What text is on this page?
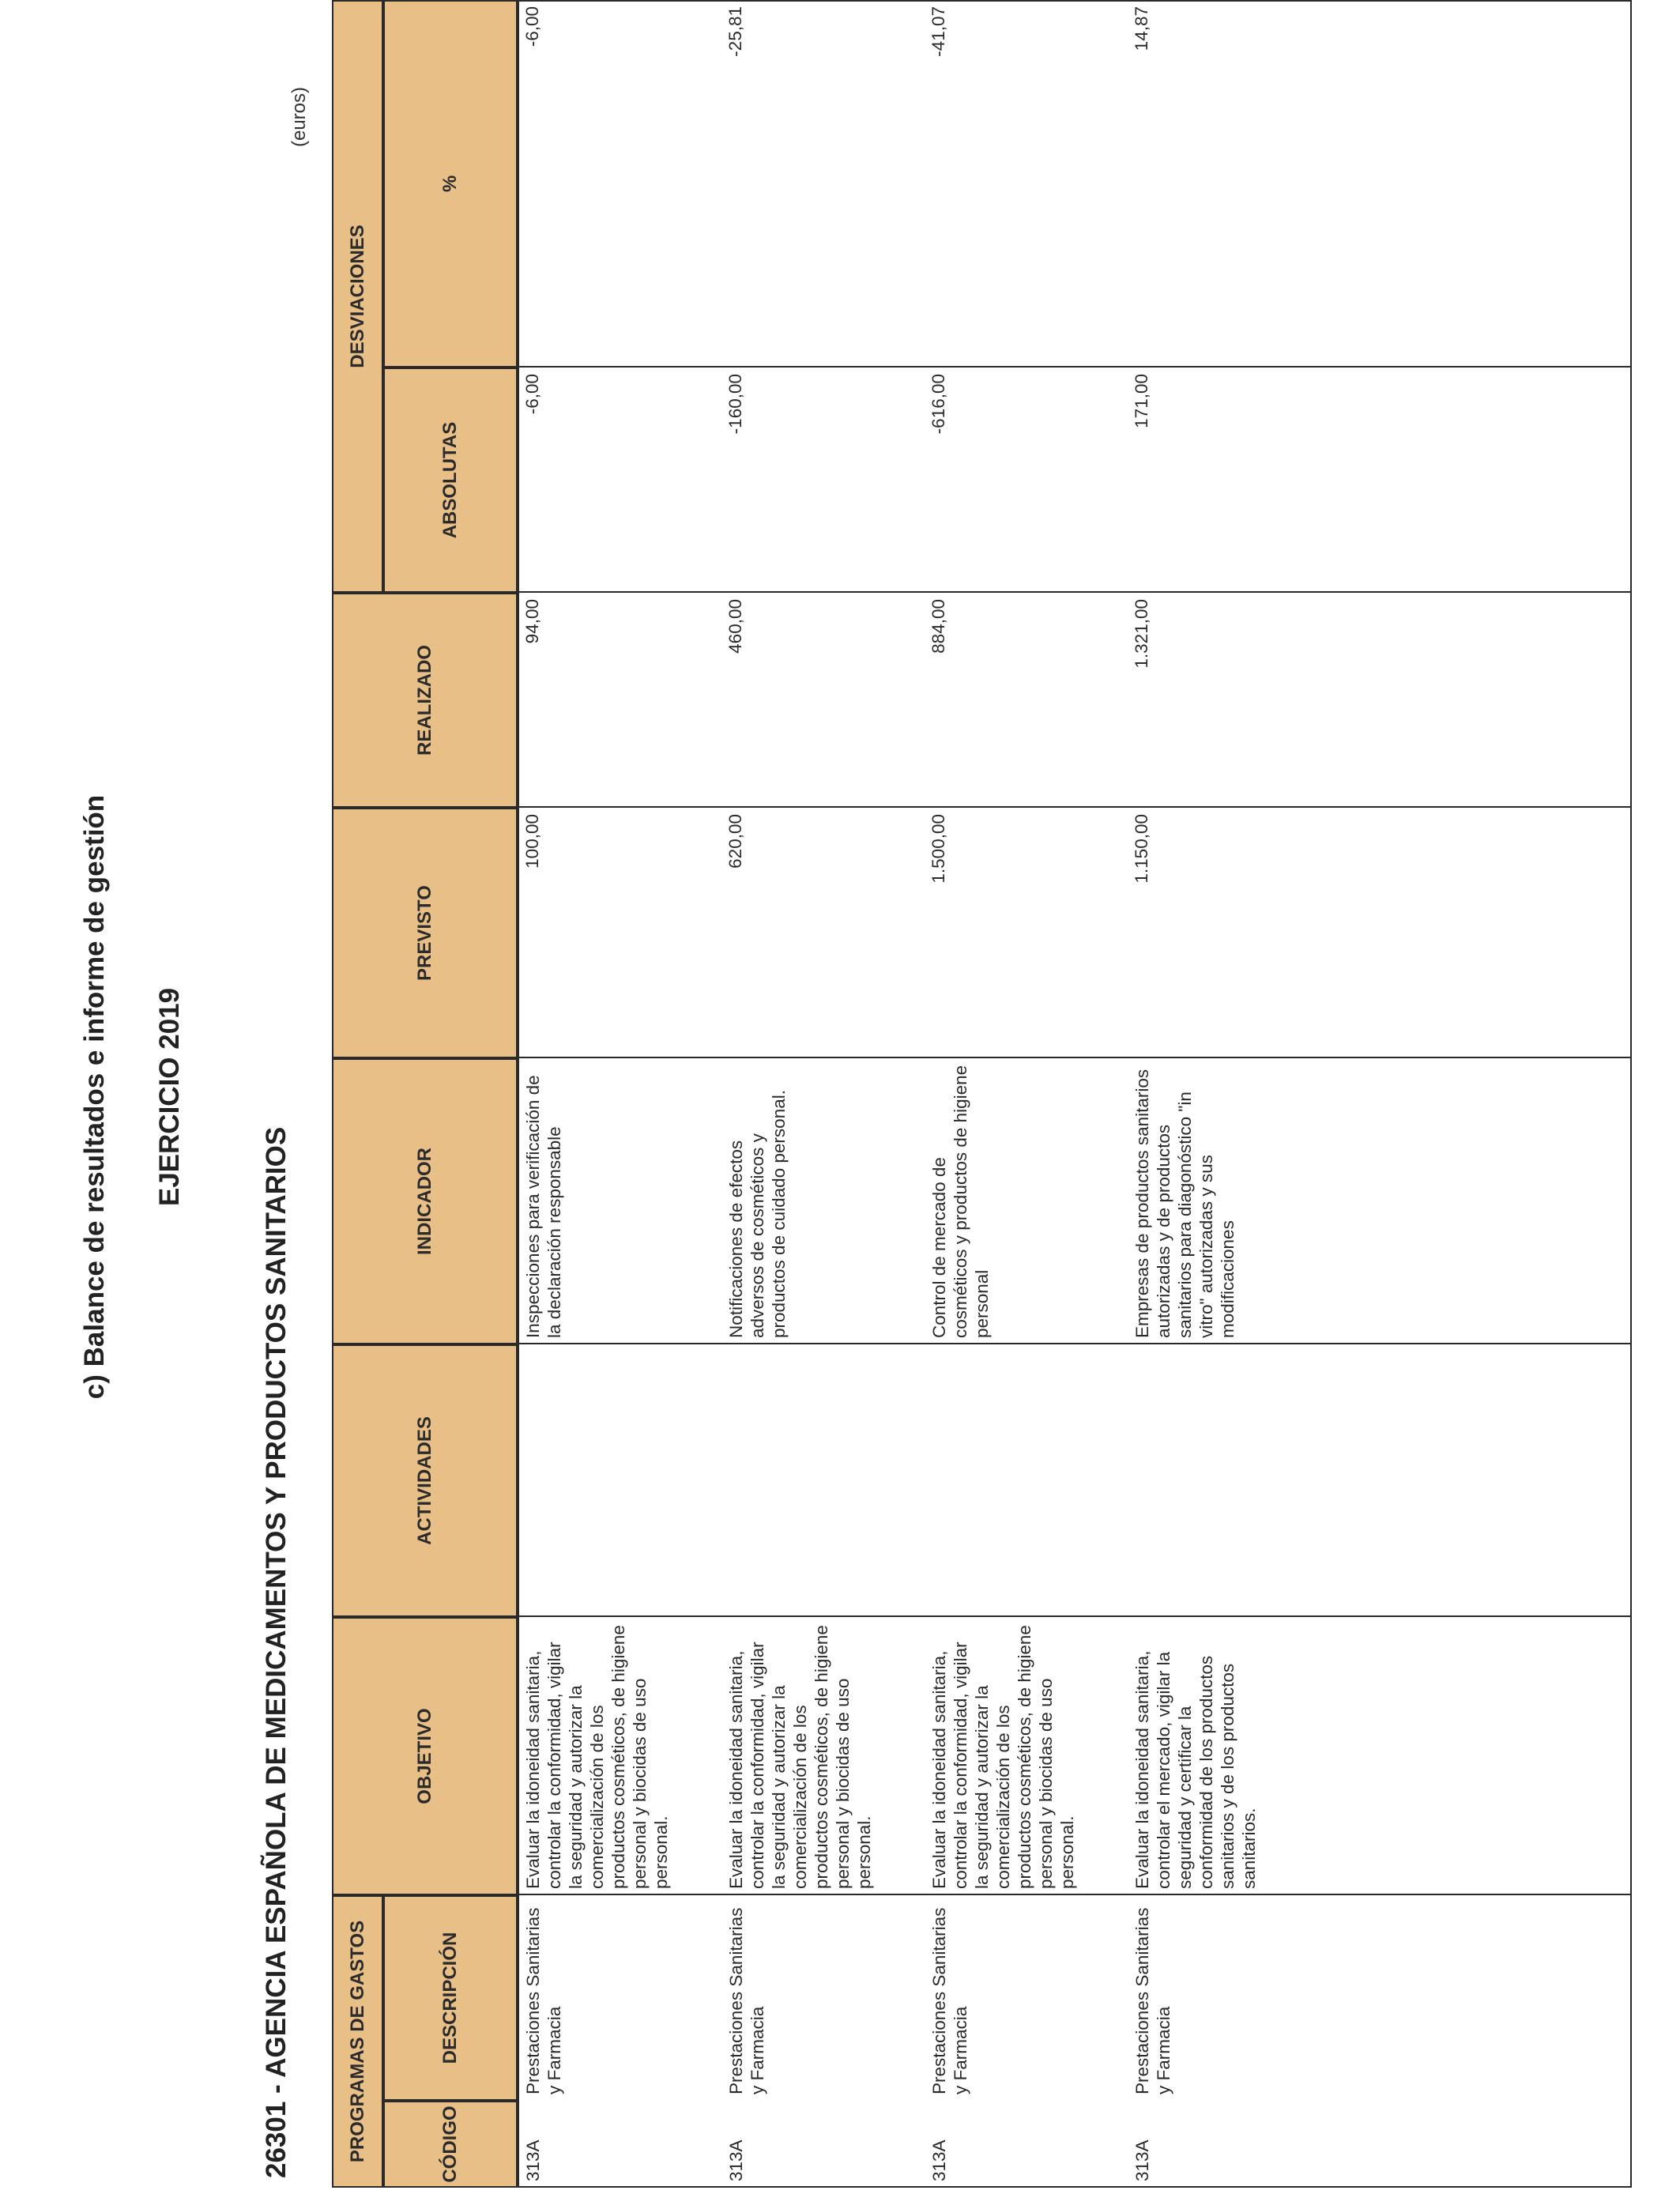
c) Balance de resultados e informe de gestión EJERCICIO 2019
26301 - AGENCIA ESPAÑOLA DE MEDICAMENTOS Y PRODUCTOS SANITARIOS
(euros)
PROGRAMAS DE GASTOS
OBJETIVO
ACTIVIDADES
INDICADOR
PREVISTO
REALIZADO
DESVIACIONES
CÓDIGO
DESCRIPCIÓN
ABSOLUTAS
%
313A
Prestaciones Sanitarias y Farmacia
Evaluar la idoneidad sanitaria, controlar la conformidad, vigilar la seguridad y autorizar la comercialización de los productos cosméticos, de higiene personal y biocidas de uso personal.
Inspecciones para verificación de la declaración responsable
100,00
94,00
-6,00
-6,00
313A
Prestaciones Sanitarias y Farmacia
Evaluar la idoneidad sanitaria, controlar la conformidad, vigilar la seguridad y autorizar la comercialización de los productos cosméticos, de higiene personal y biocidas de uso personal.
Notificaciones de efectos adversos de cosméticos y productos de cuidado personal.
620,00
460,00
-160,00
-25,81
313A
Prestaciones Sanitarias y Farmacia
Evaluar la idoneidad sanitaria, controlar la conformidad, vigilar la seguridad y autorizar la comercialización de los productos cosméticos, de higiene personal y biocidas de uso personal.
Control de mercado de cosméticos y productos de higiene personal
1.500,00
884,00
-616,00
-41,07
313A
Prestaciones Sanitarias y Farmacia
Evaluar la idoneidad sanitaria, controlar el mercado, vigilar la seguridad y certificar la conformidad de los productos sanitarios y de los productos sanitarios.
Empresas de productos sanitarios autorizadas y de productos sanitarios para diagonóstico "in vitro" autorizadas y sus modificaciones
1.150,00
1.321,00
171,00
14,87
